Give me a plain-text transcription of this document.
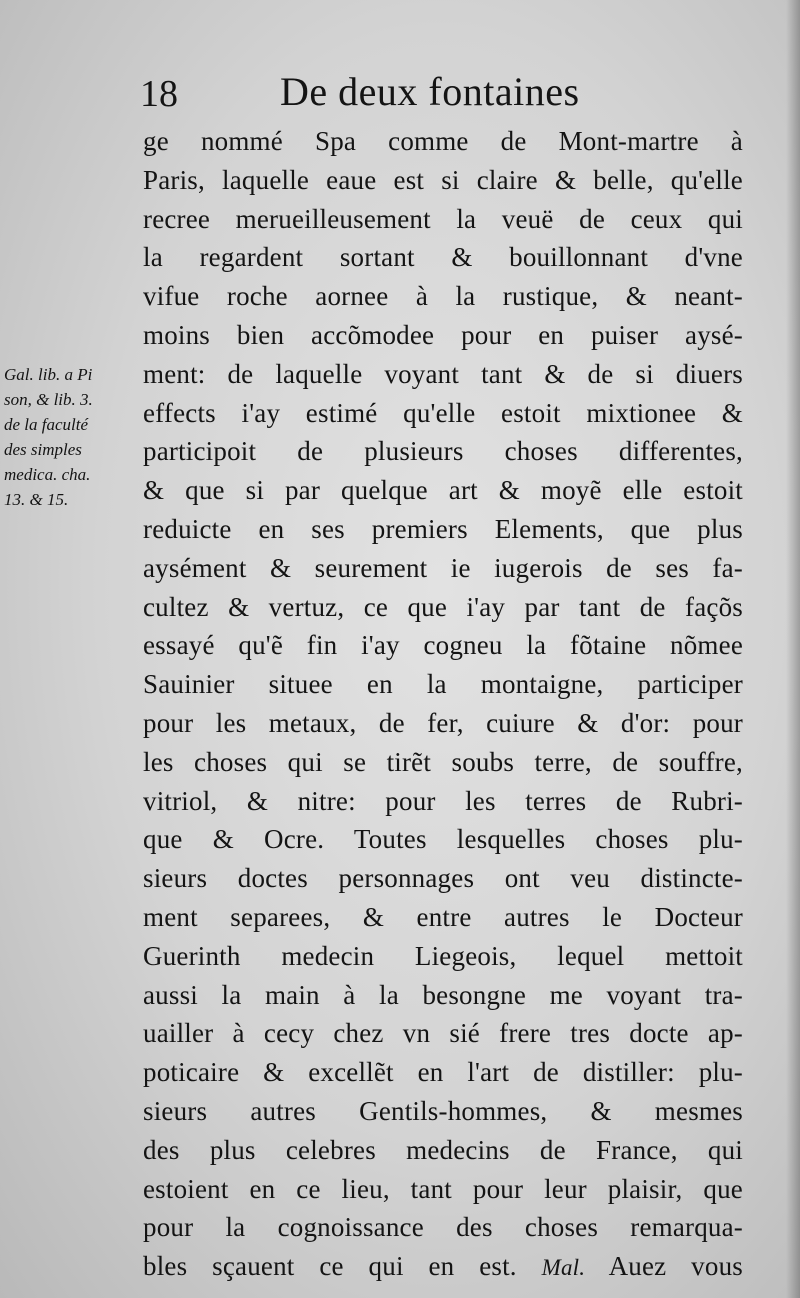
18	De deux fontaines
Gal. lib. a Pi
son, & lib. 3.
de la faculté
des simples
medica. cha.
13. & 15.
ge nommé Spa comme de Mont-martre à
Paris, laquelle eaue est si claire & belle, qu'elle
recree merueilleusement la veuë de ceux qui
la regardent sortant & bouillonnant d'vne
vifue roche aornee à la rustique, & neant-
moins bien accõmodee pour en puiser aysé-
ment: de laquelle voyant tant & de si diuers
effects i'ay estimé qu'elle estoit mixtionee &
participoit de plusieurs choses differentes,
& que si par quelque art & moyẽ elle estoit
reduicte en ses premiers Elements, que plus
aysément & seurement ie iugerois de ses fa-
cultez & vertuz, ce que i'ay par tant de façõs
essayé qu'ẽ fin i'ay cogneu la fõtaine nõmee
Sauinier situee en la montaigne, participer
pour les metaux, de fer, cuiure & d'or: pour
les choses qui se tirẽt soubs terre, de souffre,
vitriol, & nitre: pour les terres de Rubri-
que & Ocre. Toutes lesquelles choses plu-
sieurs doctes personnages ont veu distincte-
ment separees, & entre autres le Docteur
Guerinth medecin Liegeois, lequel mettoit
aussi la main à la besongne me voyant tra-
uailler à cecy chez vn sié frere tres docte ap-
poticaire & excellẽt en l'art de distiller: plu-
sieurs autres Gentils-hommes, & mesmes
des plus celebres medecins de France, qui
estoient en ce lieu, tant pour leur plaisir, que
pour la cognoissance des choses remarqua-
bles sçauent ce qui en est. Mal. Auez vous
